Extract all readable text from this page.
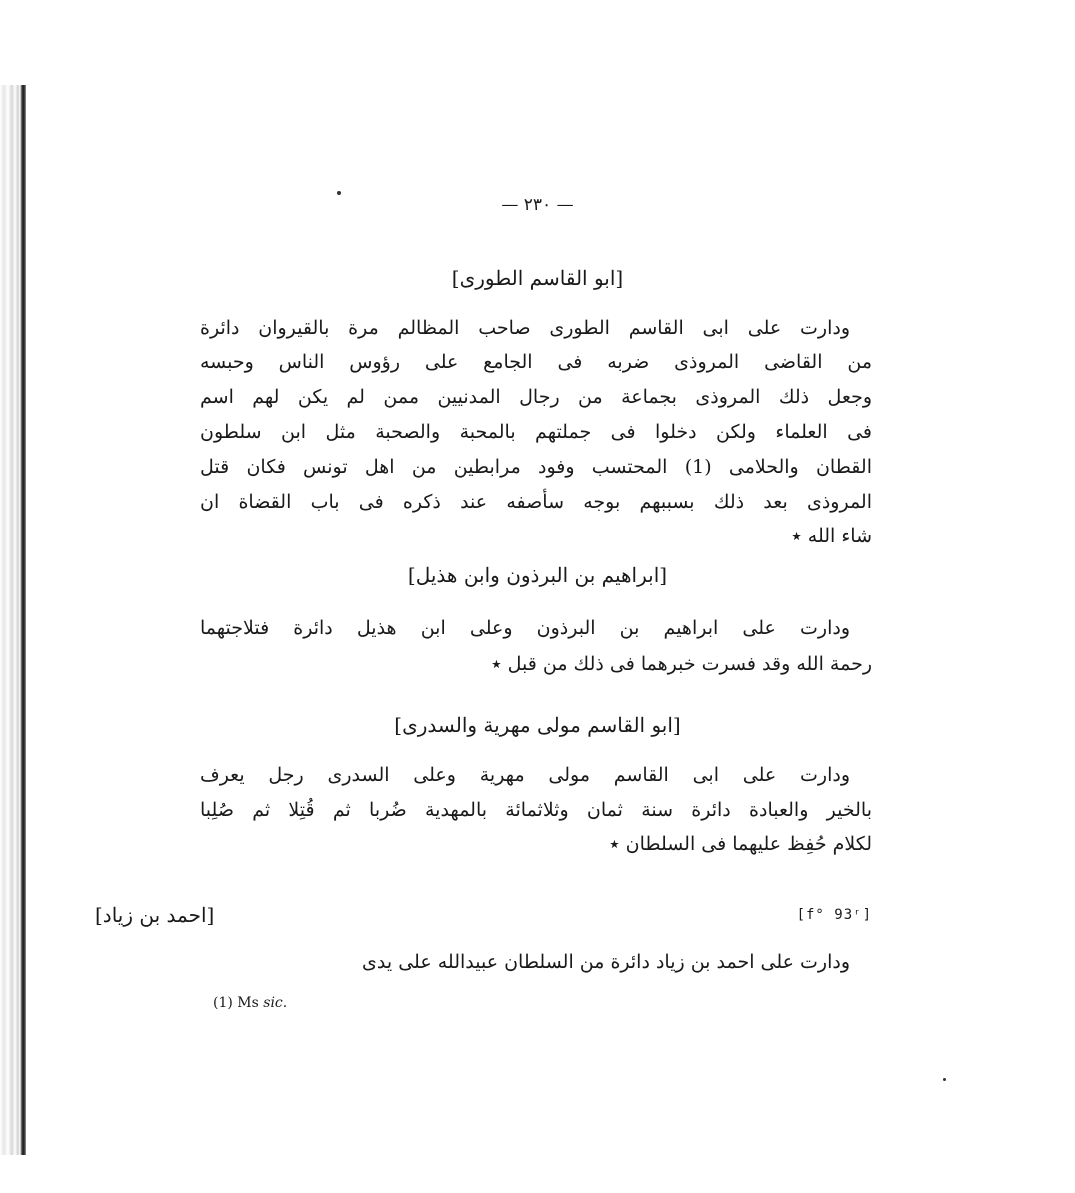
— ٢٣٠ —
[ابو القاسم الطورى]
ودارت على ابى القاسم الطورى صاحب المظالم مرة بالقيروان دائرة
من القاضى المروذى ضربه فى الجامع على رؤوس الناس وحبسه
وجعل ذلك المروذى بجماعة من رجال المدنيين ممن لم يكن لهم اسم
فى العلماء ولكن دخلوا فى جملتهم بالمحبة والصحبة مثل ابن سلطون
القطان والحلامى (1) المحتسب وفود مرابطين من اهل تونس فكان قتل
المروذى بعد ذلك بسببهم بوجه سأصفه عند ذكره فى باب القضاة ان
شاء الله ٭
[ابراهيم بن البرذون وابن هذيل]
ودارت على ابراهيم بن البرذون وعلى ابن هذيل دائرة فتلاجتهما
رحمة الله وقد فسرت خبرهما فى ذلك من قبل ٭
[ابو القاسم مولى مهرية والسدرى]
ودارت على ابى القاسم مولى مهرية وعلى السدرى رجل يعرف
بالخير والعبادة دائرة سنة ثمان وثلاثمائة بالمهدية ضُربا ثم قُتِلا ثم صُلِبا
لكلام حُفِظ عليهما فى السلطان ٭
[احمد بن زياد]	[f° 93ʳ]
ودارت على احمد بن زياد دائرة من السلطان عبيدالله على يدى
(1) Ms sic.
